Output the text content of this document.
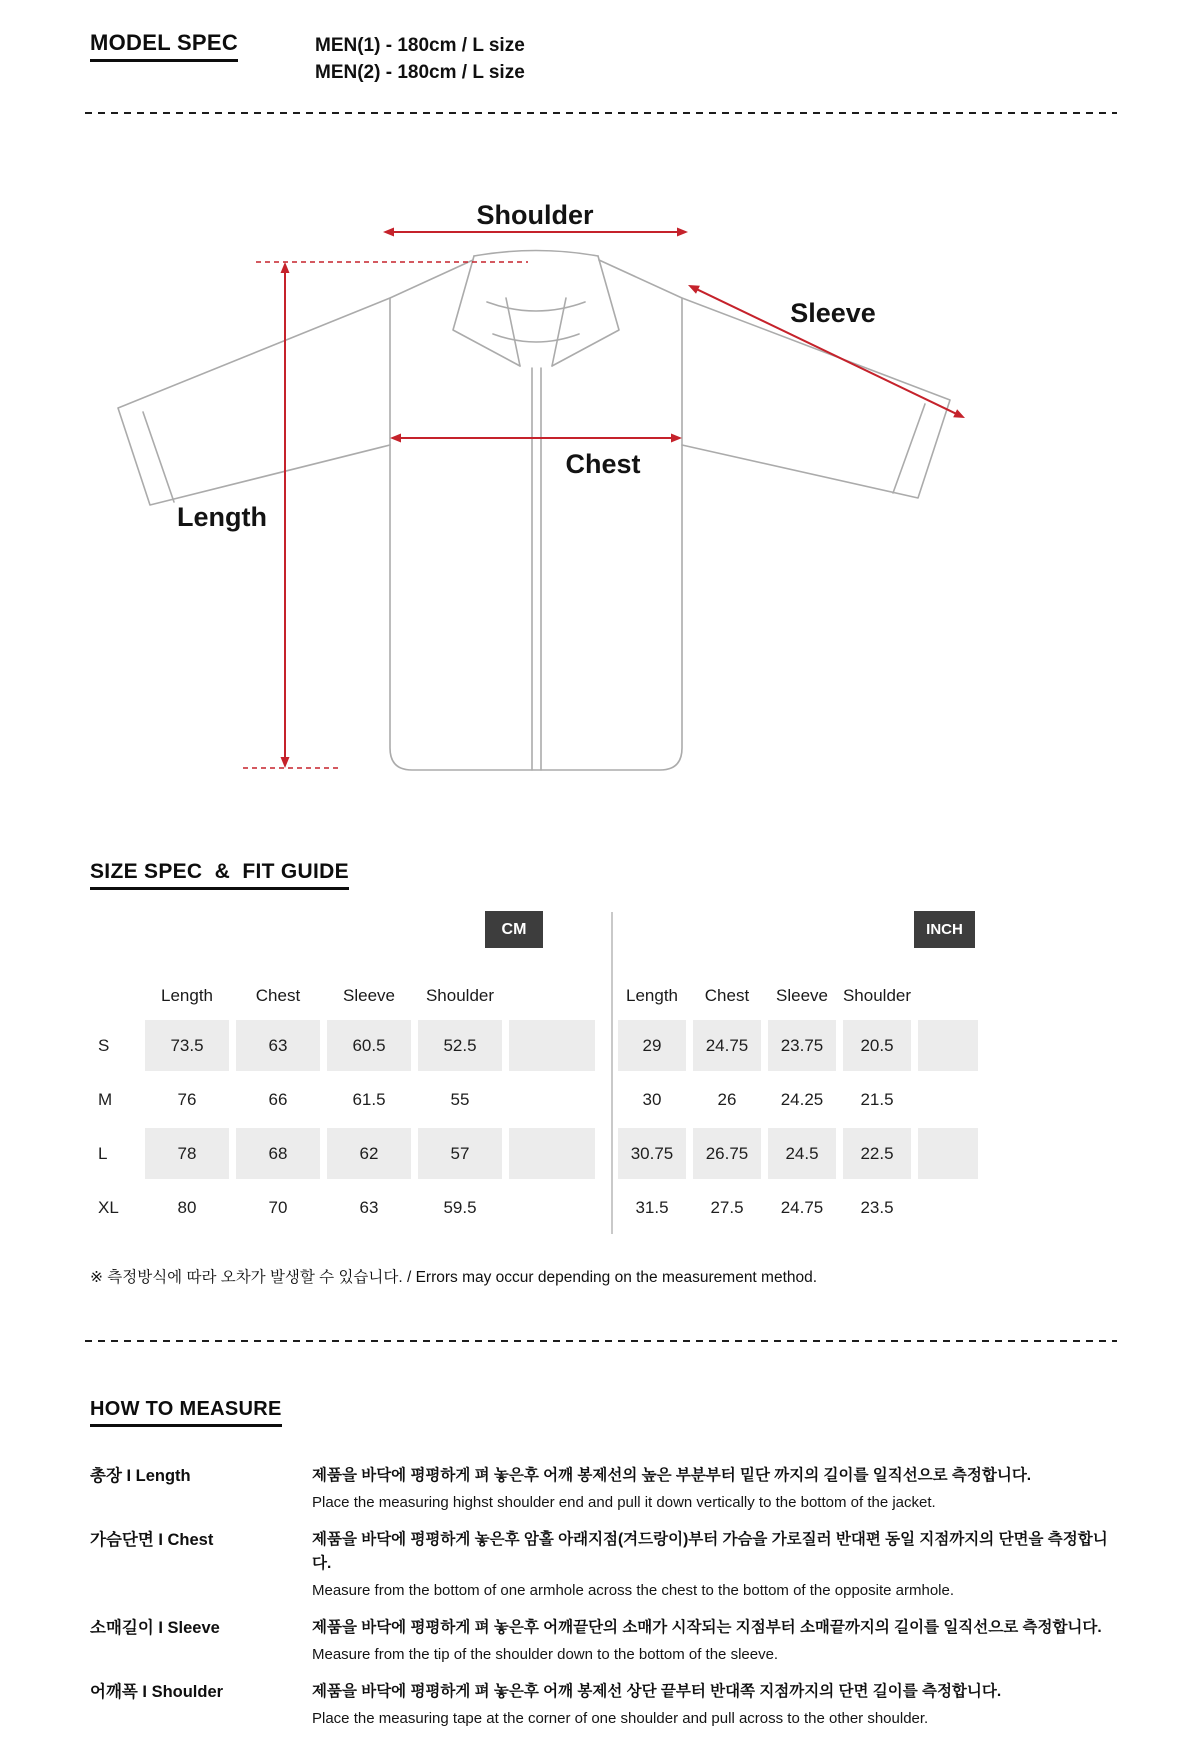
MODEL SPEC	MEN(1) - 180cm / L size
MEN(2) - 180cm / L size
Shoulder
Sleeve
Chest
Length
SIZE SPEC  &  FIT GUIDE
CM	INCH
Length	Chest	Sleeve	Shoulder
S	73.5	63	60.5	52.5
M	76	66	61.5	55
L	78	68	62	57
XL	80	70	63	59.5
Length	Chest	Sleeve Shoulder
29	24.75	23.75	20.5
30	26	24.25	21.5
30.75	26.75	24.5	22.5
31.5	27.5	24.75	23.5
※ 측정방식에 따라 오차가 발생할 수 있습니다. / Errors may occur depending on the measurement method.
HOW TO MEASURE
총장 I Length	제품을 바닥에 평평하게 펴 놓은후 어깨 봉제선의 높은 부분부터 밑단 까지의 길이를 일직선으로 측정합니다.
Place the measuring highst shoulder end and pull it down vertically to the bottom of the jacket.
가슴단면 I Chest	제품을 바닥에 평평하게 놓은후 암홀 아래지점(겨드랑이)부터 가슴을 가로질러 반대편 동일 지점까지의 단면을 측정합니다.
Measure from the bottom of one armhole across the chest to the bottom of the opposite armhole.
소매길이 I Sleeve	제품을 바닥에 평평하게 펴 놓은후 어깨끝단의 소매가 시작되는 지점부터 소매끝까지의 길이를 일직선으로 측정합니다.
Measure from the tip of the shoulder down to the bottom of the sleeve.
어깨폭 I Shoulder	제품을 바닥에 평평하게 펴 놓은후 어깨 봉제선 상단 끝부터 반대쪽 지점까지의 단면 길이를 측정합니다.
Place the measuring tape at the corner of one shoulder and pull across to the other shoulder.
